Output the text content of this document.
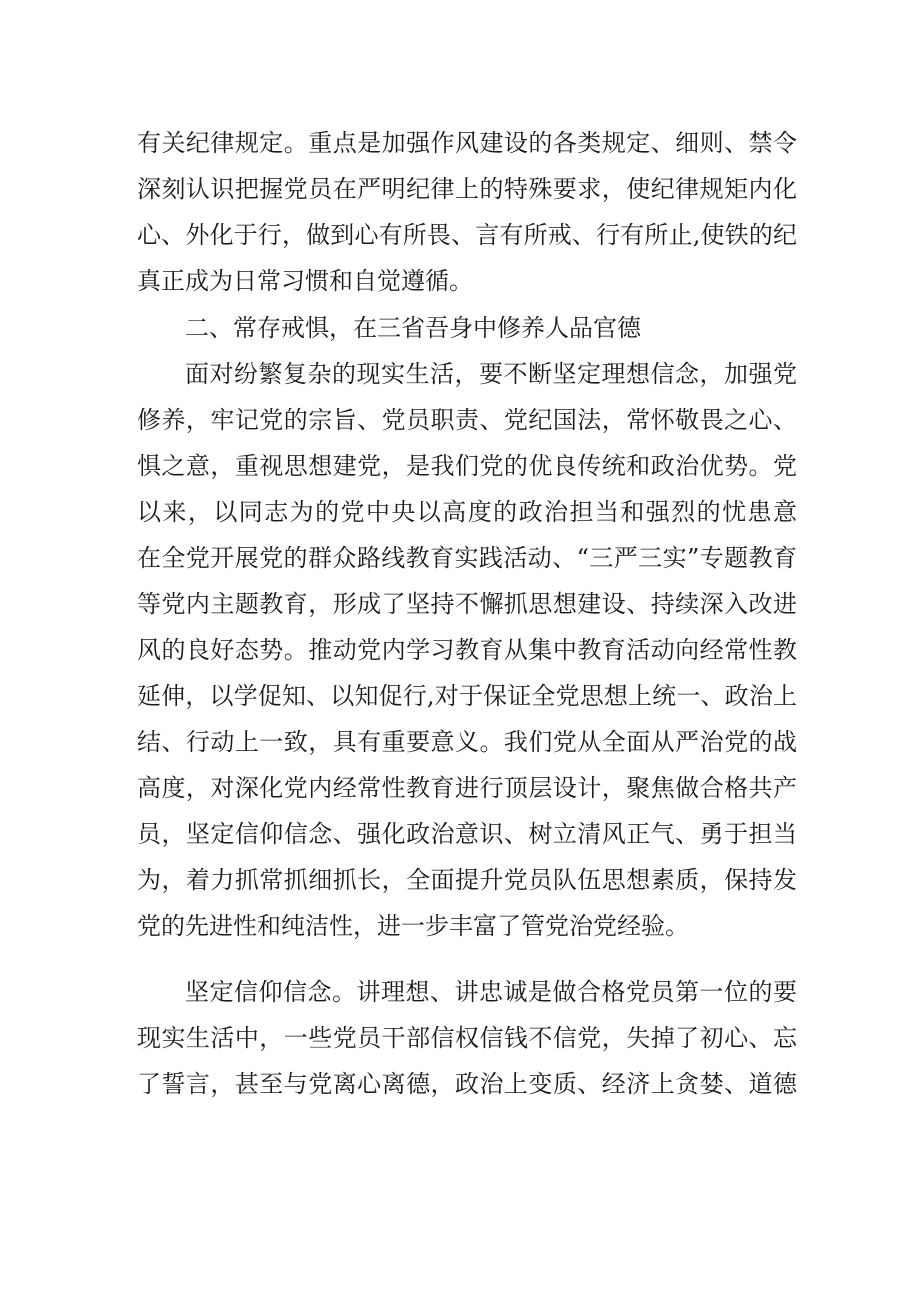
有关纪律规定。重点是加强作风建设的各类规定、细则、禁令
深刻认识把握党员在严明纪律上的特殊要求，使纪律规矩内化
心、外化于行，做到心有所畏、言有所戒、行有所止,使铁的纪
真正成为日常习惯和自觉遵循。
二、常存戒惧，在三省吾身中修养人品官德
面对纷繁复杂的现实生活，要不断坚定理想信念，加强党
修养，牢记党的宗旨、党员职责、党纪国法，常怀敬畏之心、
惧之意，重视思想建党，是我们党的优良传统和政治优势。党
以来，以同志为的党中央以高度的政治担当和强烈的忧患意
在全党开展党的群众路线教育实践活动、“三严三实”专题教育
等党内主题教育，形成了坚持不懈抓思想建设、持续深入改进
风的良好态势。推动党内学习教育从集中教育活动向经常性教
延伸，以学促知、以知促行,对于保证全党思想上统一、政治上
结、行动上一致，具有重要意义。我们党从全面从严治党的战
高度，对深化党内经常性教育进行顶层设计，聚焦做合格共产
员，坚定信仰信念、强化政治意识、树立清风正气、勇于担当
为，着力抓常抓细抓长，全面提升党员队伍思想素质，保持发
党的先进性和纯洁性，进一步丰富了管党治党经验。
坚定信仰信念。讲理想、讲忠诚是做合格党员第一位的要
现实生活中，一些党员干部信权信钱不信党，失掉了初心、忘
了誓言，甚至与党离心离德，政治上变质、经济上贪婪、道德
